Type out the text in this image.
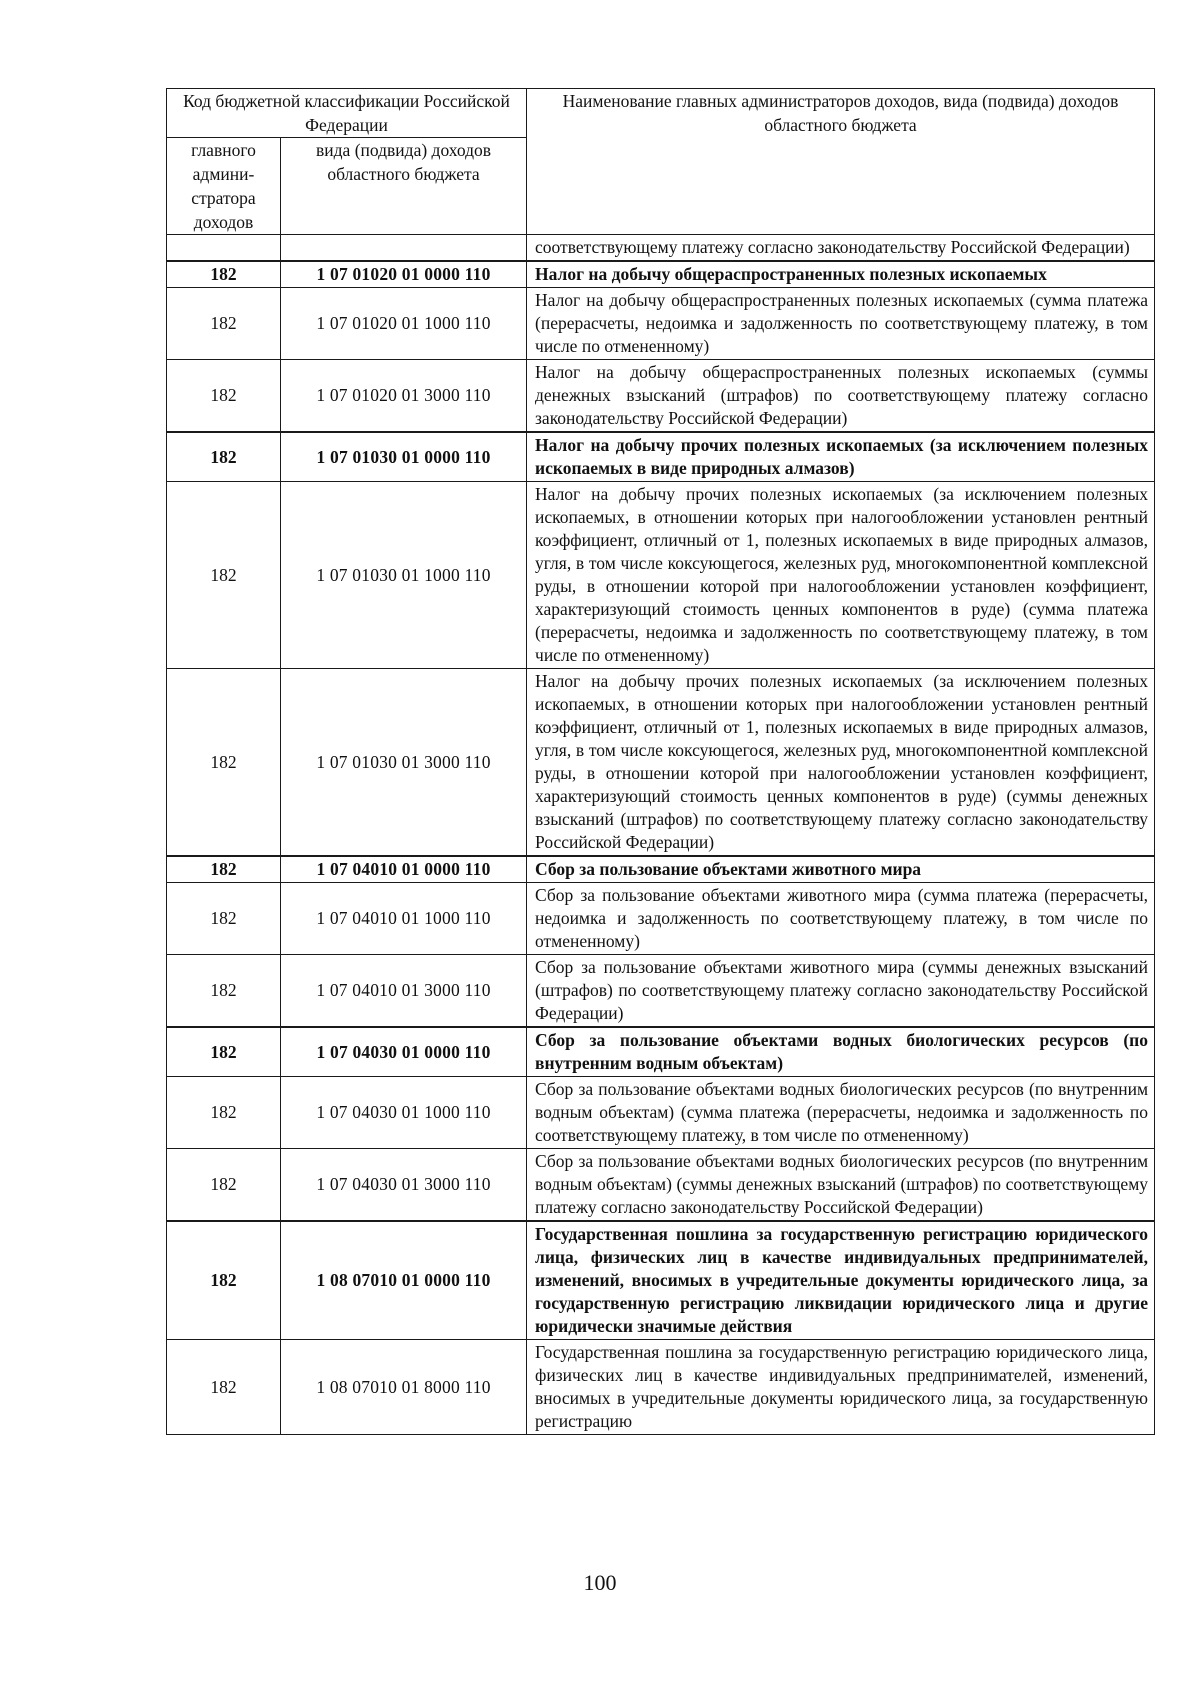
Код бюджетной классификации Российской Федерации		Наименование главных администраторов доходов, вида (подвида) доходов областного бюджета
главного админи-стратора доходов	вида (подвида) доходов областного бюджета	
		соответствующему платежу согласно законодательству Российской Федерации)
182	1 07 01020 01 0000 110	Налог на добычу общераспространенных полезных ископаемых
182	1 07 01020 01 1000 110	Налог на добычу общераспространенных полезных ископаемых (сумма платежа (перерасчеты, недоимка и задолженность по соответствующему платежу, в том числе по отмененному)
182	1 07 01020 01 3000 110	Налог на добычу общераспространенных полезных ископаемых (суммы денежных взысканий (штрафов) по соответствующему платежу согласно законодательству Российской Федерации)
182	1 07 01030 01 0000 110	Налог на добычу прочих полезных ископаемых (за исключением полезных ископаемых в виде природных алмазов)
182	1 07 01030 01 1000 110	Налог на добычу прочих полезных ископаемых (за исключением полезных ископаемых, в отношении которых при налогообложении установлен рентный коэффициент, отличный от 1, полезных ископаемых в виде природных алмазов, угля, в том числе коксующегося, железных руд, многокомпонентной комплексной руды, в отношении которой при налогообложении установлен коэффициент, характеризующий стоимость ценных компонентов в руде) (сумма платежа (перерасчеты, недоимка и задолженность по соответствующему платежу, в том числе по отмененному)
182	1 07 01030 01 3000 110	Налог на добычу прочих полезных ископаемых (за исключением полезных ископаемых, в отношении которых при налогообложении установлен рентный коэффициент, отличный от 1, полезных ископаемых в виде природных алмазов, угля, в том числе коксующегося, железных руд, многокомпонентной комплексной руды, в отношении которой при налогообложении установлен коэффициент, характеризующий стоимость ценных компонентов в руде) (суммы денежных взысканий (штрафов) по соответствующему платежу согласно законодательству Российской Федерации)
182	1 07 04010 01 0000 110	Сбор за пользование объектами животного мира
182	1 07 04010 01 1000 110	Сбор за пользование объектами животного мира (сумма платежа (перерасчеты, недоимка и задолженность по соответствующему платежу, в том числе по отмененному)
182	1 07 04010 01 3000 110	Сбор за пользование объектами животного мира (суммы денежных взысканий (штрафов) по соответствующему платежу согласно законодательству Российской Федерации)
182	1 07 04030 01 0000 110	Сбор за пользование объектами водных биологических ресурсов (по внутренним водным объектам)
182	1 07 04030 01 1000 110	Сбор за пользование объектами водных биологических ресурсов (по внутренним водным объектам) (сумма платежа (перерасчеты, недоимка и задолженность по соответствующему платежу, в том числе по отмененному)
182	1 07 04030 01 3000 110	Сбор за пользование объектами водных биологических ресурсов (по внутренним водным объектам) (суммы денежных взысканий (штрафов) по соответствующему платежу согласно законодательству Российской Федерации)
182	1 08 07010 01 0000 110	Государственная пошлина за государственную регистрацию юридического лица, физических лиц в качестве индивидуальных предпринимателей, изменений, вносимых в учредительные документы юридического лица, за государственную регистрацию ликвидации юридического лица и другие юридически значимые действия
182	1 08 07010 01 8000 110	Государственная пошлина за государственную регистрацию юридического лица, физических лиц в качестве индивидуальных предпринимателей, изменений, вносимых в учредительные документы юридического лица, за государственную регистрацию
100
